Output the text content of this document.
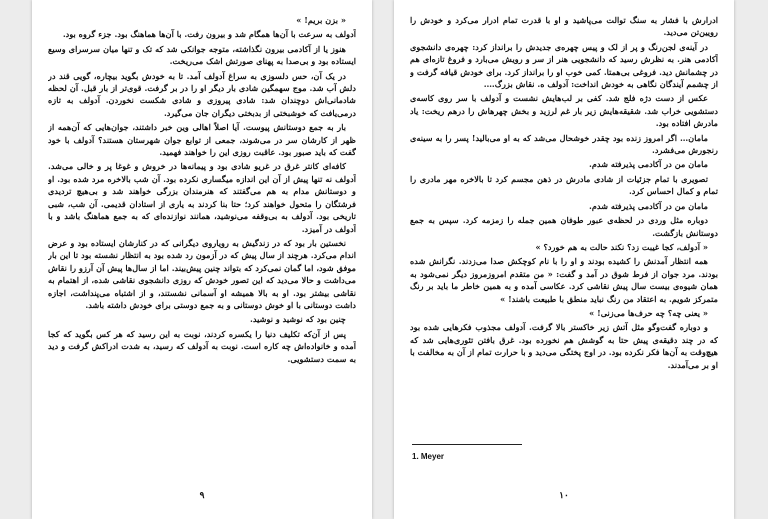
« بزن بریم! »

آدولف به سرعت با آن‌ها همگام شد و بیرون رفت. با آن‌ها هماهنگ بود. جزء گروه بود.

هنوز یا از آکادمی بیرون نگذاشته، متوجه جوانکی شد که تک و تنها میان سرسرای وسیع ایستاده بود و بی‌صدا به پهنای صورتش اشک می‌ریخت.

در یک آن، حس دلسوزی به سراغ آدولف آمد. تا به خودش بگوید بیچاره، گویی قند در دلش آب شد. موج سهمگین شادی بار دیگر او را در بر گرفت. قوی‌تر از بار قبل. آن لحظه شادمانی‌اش دوچندان شد: شادی پیروزی و شادی شکست نخوردن. آدولف به تازه درمی‌یافت که خوشبختی از بدبختی دیگران جان می‌گیرد.

بار به جمع دوستانش پیوست. آیا اصلاً اهالی وین خبر داشتند، جوان‌هایی که آن‌همه از ظهر از کارشان سر در می‌شوند، جمعی از توابع جوان شهرستان هستند؟ آدولف با خود گفت که باید صبور بود. عاقبت روزی این را خواهند فهمید.

کافه‌ای کانتر غرق در غریو شادی بود و پیمانه‌ها در خروش و غوغا پر و خالی می‌شد. آدولف نه تنها پیش از آن این اندازه میگساری نکرده بود. آن شب بالاخره مرد شده بود. او و دوستانش مدام به هم می‌گفتند که هنرمندان بزرگی خواهند شد و بی‌هیچ تردیدی فرشتگان را متحول خواهند کرد؛ حتا بنا کردند به یاری از استادان قدیمی. آن شب، شبی تاریخی بود. آدولف به بی‌وقفه می‌نوشید، همانند نوازنده‌ای که به جمع هماهنگ باشد و با آدولف در آمیزد.

نخستین بار بود که در زندگیش به رویاروی دیگرانی که در کنارشان ایستاده بود و عرض اندام می‌کرد. هرچند از سال پیش که در آزمون رد شده بود به انتظار نشسته بود تا این بار موفق شود، اما گمان نمی‌کرد که بتواند چنین پیش‌بیند. اما از سال‌ها پیش آن آرزو را نقاش می‌داشت و حالا می‌دید که این تصور خودش که روزی دانشجوی نقاشی شده، از اهتمام به نقاشی بیشتر بود. او به بالا همیشه او آسمانی نشستند، و از اشتباه می‌پنداشت، اجازه داشت دوستانی با او خوش دوستانی و به جمع دوستی برای خودش داشته باشد.

چنین بود که نوشید و نوشید.

پس از آن‌که تکلیف دنیا را یکسره کردند، نوبت به این رسید که هر کس بگوید که کجا آمده و خانواده‌اش چه کاره است. نوبت به آدولف که رسید، به شدت ادراکش گرفت و دید به سمت دستشویی.

۹

ادرارش با فشار به سنگ توالت می‌پاشید و او با قدرت تمام ادرار می‌کرد و خودش را رویین‌تن می‌دید.

در آینه‌ی لجن‌رنگ و پر از لک و پیس چهره‌ی جدیدش را برانداز کرد: چهره‌ی دانشجوی آکادمی هنر. به نظرش رسید که دانشجویی هنر از سر و رویش می‌بارد و فروغ تازه‌ای هم در چشمانش دید. فروغی بی‌همتا. کمی خوب او را برانداز کرد. برای خودش قیافه گرفت و از چشمم آیندگان نگاهی به خودش انداخت: آدولف ه. نقاش بزرگ….

عکس از دست دژه فلج شد. کفی بر لب‌هایش نشست و آدولف با سر روی کاسه‌ی دستشویی خراب شد. شقیقه‌هایش زیر بار غم لرزید و بخش چهرهاش را درهم ریخت: یاد مادرش افتاده بود.

مامان… اگر امروز زنده بود چقدر خوشحال می‌شد که به او می‌بالید! پسر را به سینه‌ی رنجورش می‌فشرد.

مامان من در آکادمی پذیرفته شدم.

تصویری با تمام جزئیات از شادی مادرش در ذهن مجسم کرد تا بالاخره مهر مادری را تمام و کمال احساس کرد.

مامان من در آکادمی پذیرفته شدم.

دوباره مثل وردی در لحظه‌ی عبور طوفان همین جمله را زمزمه کرد. سپس به جمع دوستانش بازگشت.

« آدولف، کجا غیبت زد؟ نکند حالت به هم خورد؟ »

همه انتظار آمدنش را کشیده بودند و او را با نام کوچکش صدا می‌زدند. نگرانش شده بودند. مرد جوان از فرط شوق در آمد و گفت: « من متقدم امروزمروز دیگر نمی‌شود به همان شیوه‌ی بیست سال پیش نقاشی کرد. عکاسی آمده و به همین خاطر ما باید بر رنگ متمرکز شویم. به اعتقاد من رنگ نباید منطق با طبیعت باشند! »

« یعنی چه؟ چه حرف‌ها می‌زنی! »

و دوباره گفت‌وگو مثل آتش زیر خاکستر بالا گرفت. آدولف مجذوب فکرهایی شده بود که در چند دقیقه‌ی پیش حتا به گوشش هم نخورده بود. غرق بافتن تئوری‌هایی شد که هیچ‌وقت به آن‌ها فکر نکرده بود. در اوج پختگی می‌دید و با حرارت تمام از آن به مخالفت با او بر می‌آمدند.

1. Meyer
۱۰
